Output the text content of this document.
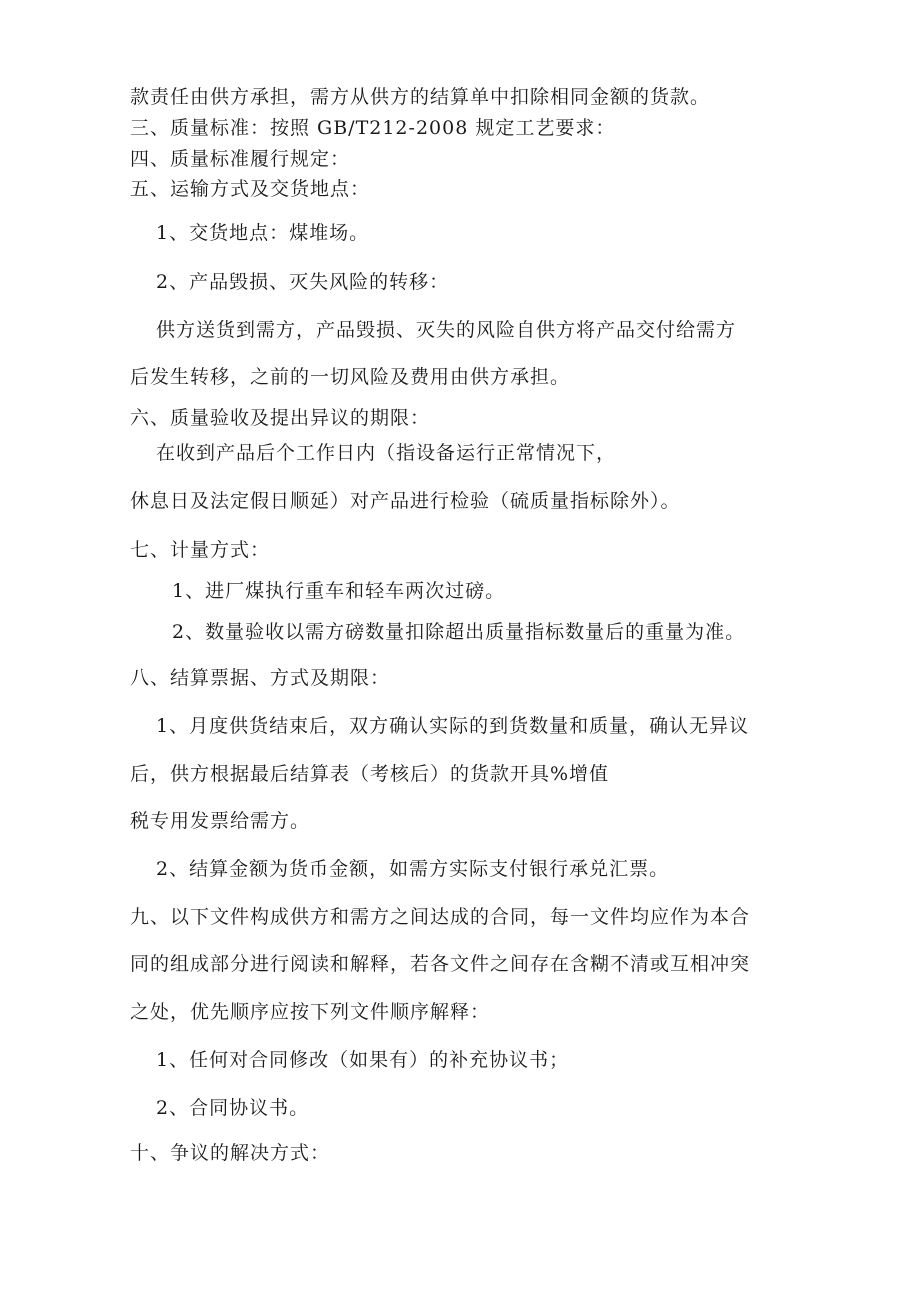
款责任由供方承担，需方从供方的结算单中扣除相同金额的货款。
三、质量标准：按照 GB/T212-2008 规定工艺要求：
四、质量标准履行规定：
五、运输方式及交货地点：
1、交货地点：煤堆场。
2、产品毁损、灭失风险的转移：
供方送货到需方，产品毁损、灭失的风险自供方将产品交付给需方
后发生转移，之前的一切风险及费用由供方承担。
六、质量验收及提出异议的期限：
在收到产品后个工作日内（指设备运行正常情况下，
休息日及法定假日顺延）对产品进行检验（硫质量指标除外）。
七、计量方式：
1、进厂煤执行重车和轻车两次过磅。
2、数量验收以需方磅数量扣除超出质量指标数量后的重量为准。
八、结算票据、方式及期限：
1、月度供货结束后，双方确认实际的到货数量和质量，确认无异议
后，供方根据最后结算表（考核后）的货款开具%增值
税专用发票给需方。
2、结算金额为货币金额，如需方实际支付银行承兑汇票。
九、以下文件构成供方和需方之间达成的合同，每一文件均应作为本合
同的组成部分进行阅读和解释，若各文件之间存在含糊不清或互相冲突
之处，优先顺序应按下列文件顺序解释：
1、任何对合同修改（如果有）的补充协议书；
2、合同协议书。
十、争议的解决方式：
